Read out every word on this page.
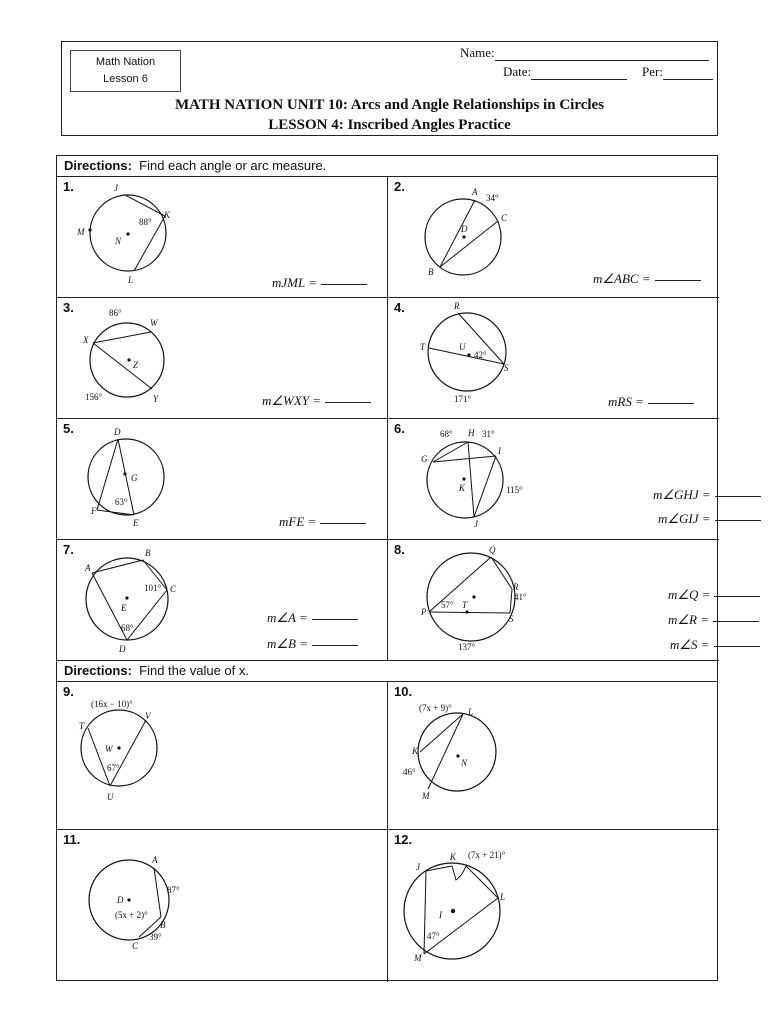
Math Nation
Lesson 6
Name:
Date:	Per:
MATH NATION UNIT 10: Arcs and Angle Relationships in Circles
LESSON 4: Inscribed Angles Practice
Directions: Find each angle or arc measure.
1.	J
K
M
N
L
88°
mJML =
2.	A
34°
C
D
B	m∠ABC =
3.	86°
W
X
Z
156°	Y	m∠WXY =
4.	R
T	U
42°
S
171°	mRS =
5.	D
G
63°
F
E	mFE =
6.	68° H 31°
G
I
K	115°
J
m∠GHJ =
m∠GIJ =
7.	B
A
101° C
E
68°
D
m∠A =
m∠B =
8.	Q
R
41°
P
57° T
S
137°
m∠Q =
m∠R =
m∠S =
Directions: Find the value of x.
9.
(16x − 10)°
T
V
W
67°
U
10.
(7x + 9)° L
K
N
46°
M
11.
A
D
87°
(5x + 2)°
B
39°
C
12.
J
K (7x + 21)°
L
I
47°
M
